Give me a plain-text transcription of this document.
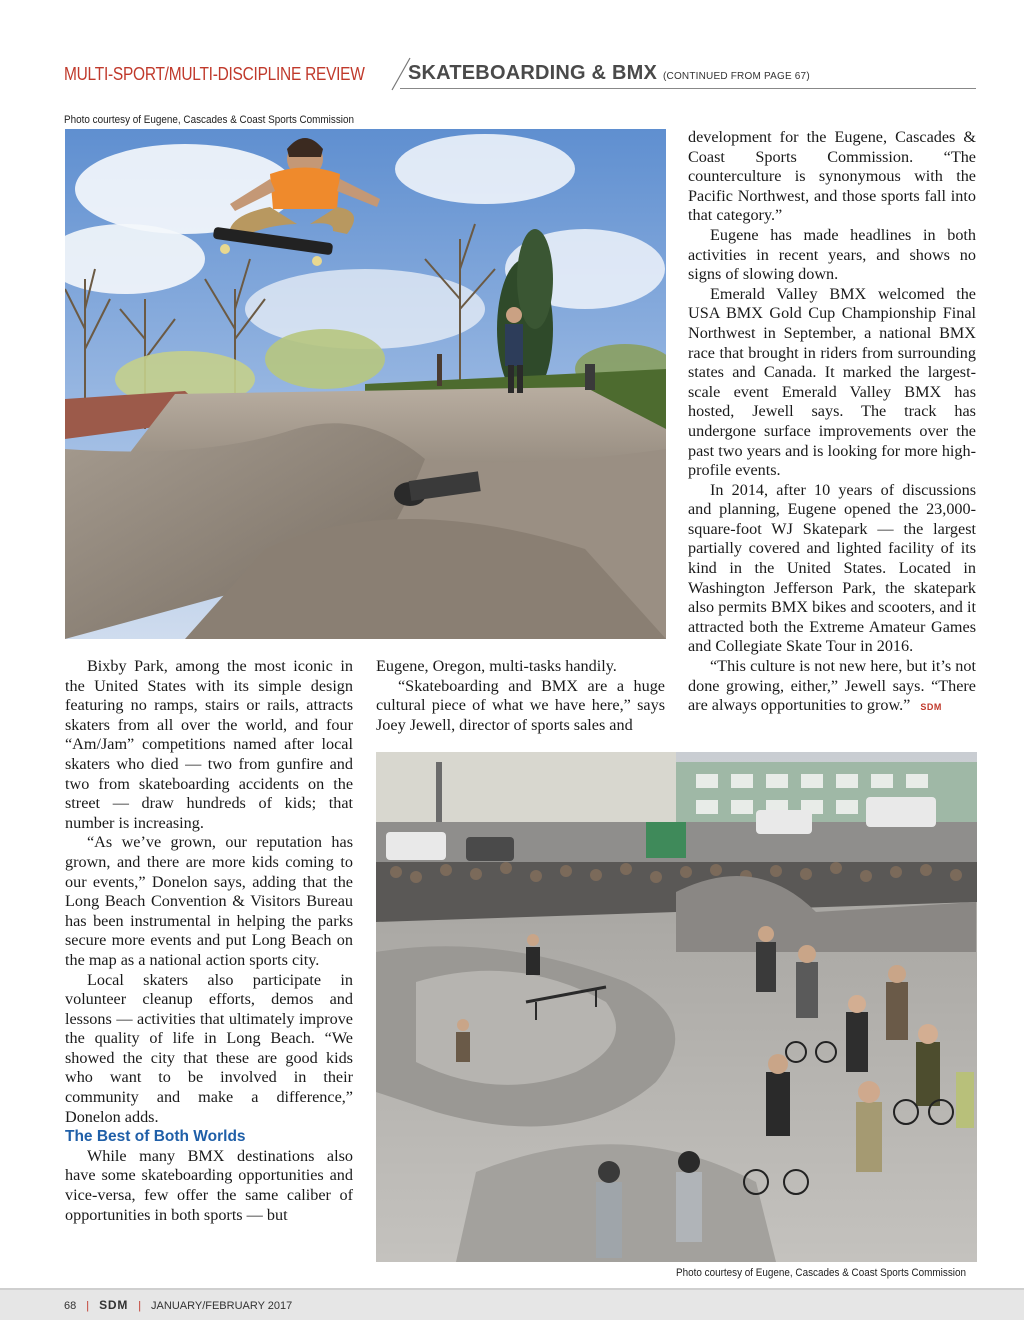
MULTI-SPORT/MULTI-DISCIPLINE REVIEW SKATEBOARDING & BMX (CONTINUED FROM PAGE 67)
Photo courtesy of Eugene, Cascades & Coast Sports Commission

Bixby Park, among the most iconic in the United States with its simple design featuring no ramps, stairs or rails, attracts skaters from all over the world, and four “Am/Jam” competitions named after local skaters who died — two from gunfire and two from skateboarding accidents on the street — draw hundreds of kids; that number is increasing.

“As we’ve grown, our reputation has grown, and there are more kids coming to our events,” Donelon says, adding that the Long Beach Convention & Visitors Bureau has been instrumental in helping the parks secure more events and put Long Beach on the map as a national action sports city.

Local skaters also participate in volunteer cleanup efforts, demos and lessons — activities that ultimately improve the quality of life in Long Beach. “We showed the city that these are good kids who want to be involved in their community and make a difference,” Donelon adds.

The Best of Both Worlds

While many BMX destinations also have some skateboarding opportunities and vice-versa, few offer the same caliber of opportunities in both sports — but

Eugene, Oregon, multi-tasks handily.

“Skateboarding and BMX are a huge cultural piece of what we have here,” says Joey Jewell, director of sports sales and

development for the Eugene, Cascades & Coast Sports Commission. “The counterculture is synonymous with the Pacific Northwest, and those sports fall into that category.”

Eugene has made headlines in both activities in recent years, and shows no signs of slowing down.

Emerald Valley BMX welcomed the USA BMX Gold Cup Championship Final Northwest in September, a national BMX race that brought in riders from surrounding states and Canada. It marked the largest-scale event Emerald Valley BMX has hosted, Jewell says. The track has undergone surface improvements over the past two years and is looking for more high-profile events.

In 2014, after 10 years of discussions and planning, Eugene opened the 23,000-square-foot WJ Skatepark — the largest partially covered and lighted facility of its kind in the United States. Located in Washington Jefferson Park, the skatepark also permits BMX bikes and scooters, and it attracted both the Extreme Amateur Games and Collegiate Skate Tour in 2016.

“This culture is not new here, but it’s not done growing, either,” Jewell says. “There are always opportunities to grow.” SDM

Photo courtesy of Eugene, Cascades & Coast Sports Commission
68 | SDM | JANUARY/FEBRUARY 2017
